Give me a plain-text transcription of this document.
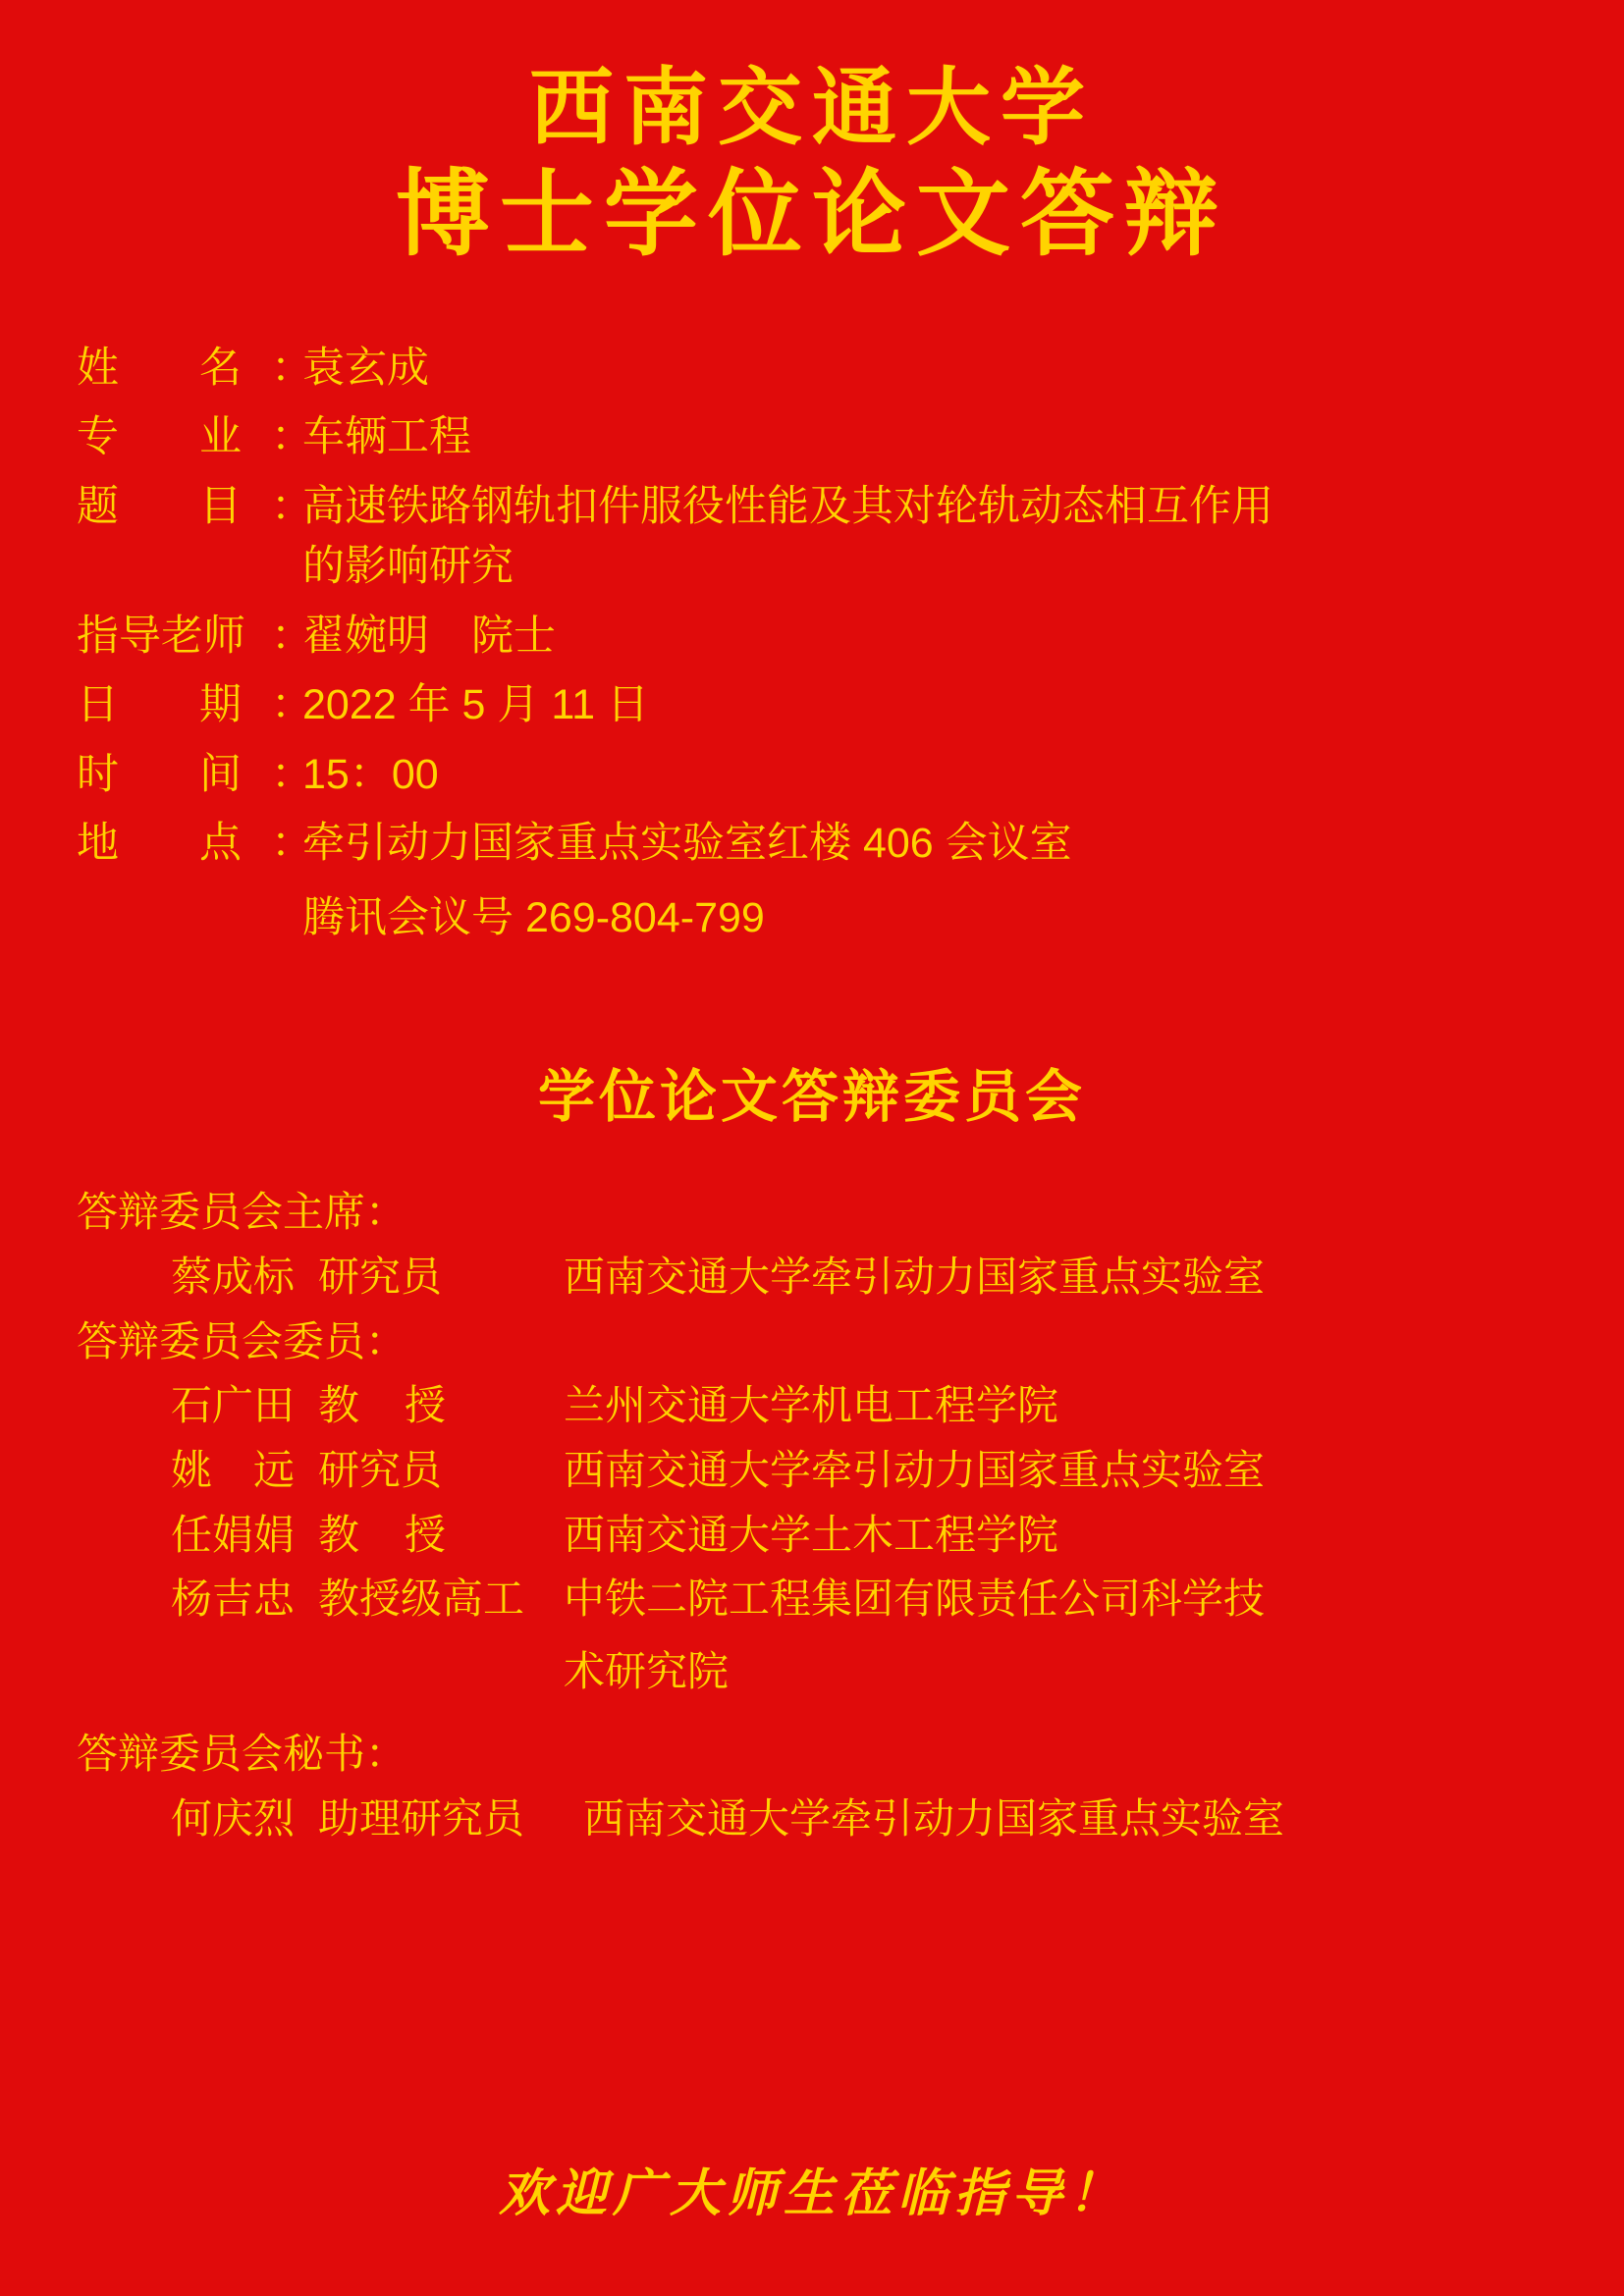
西南交通大学
博士学位论文答辩
姓 名 ：
袁玄成
专 业 ：
车辆工程
题 目 ：
高速铁路钢轨扣件服役性能及其对轮轨动态相互作用
的影响研究
指导老师 ：
翟婉明　院士
日 期 ：
2022 年 5 月 11 日
时 间 ：
15：00
地 点 ：
牵引动力国家重点实验室红楼 406 会议室
腾讯会议号 269-804-799
学位论文答辩委员会
答辩委员会主席：
蔡成标 研究员	西南交通大学牵引动力国家重点实验室
答辩委员会委员：
石广田 教 授	兰州交通大学机电工程学院
姚　远 研究员	西南交通大学牵引动力国家重点实验室
任娟娟 教 授	西南交通大学土木工程学院
杨吉忠 教授级高工 中铁二院工程集团有限责任公司科学技
术研究院
答辩委员会秘书：
何庆烈 助理研究员	西南交通大学牵引动力国家重点实验室
欢迎广大师生莅临指导！
